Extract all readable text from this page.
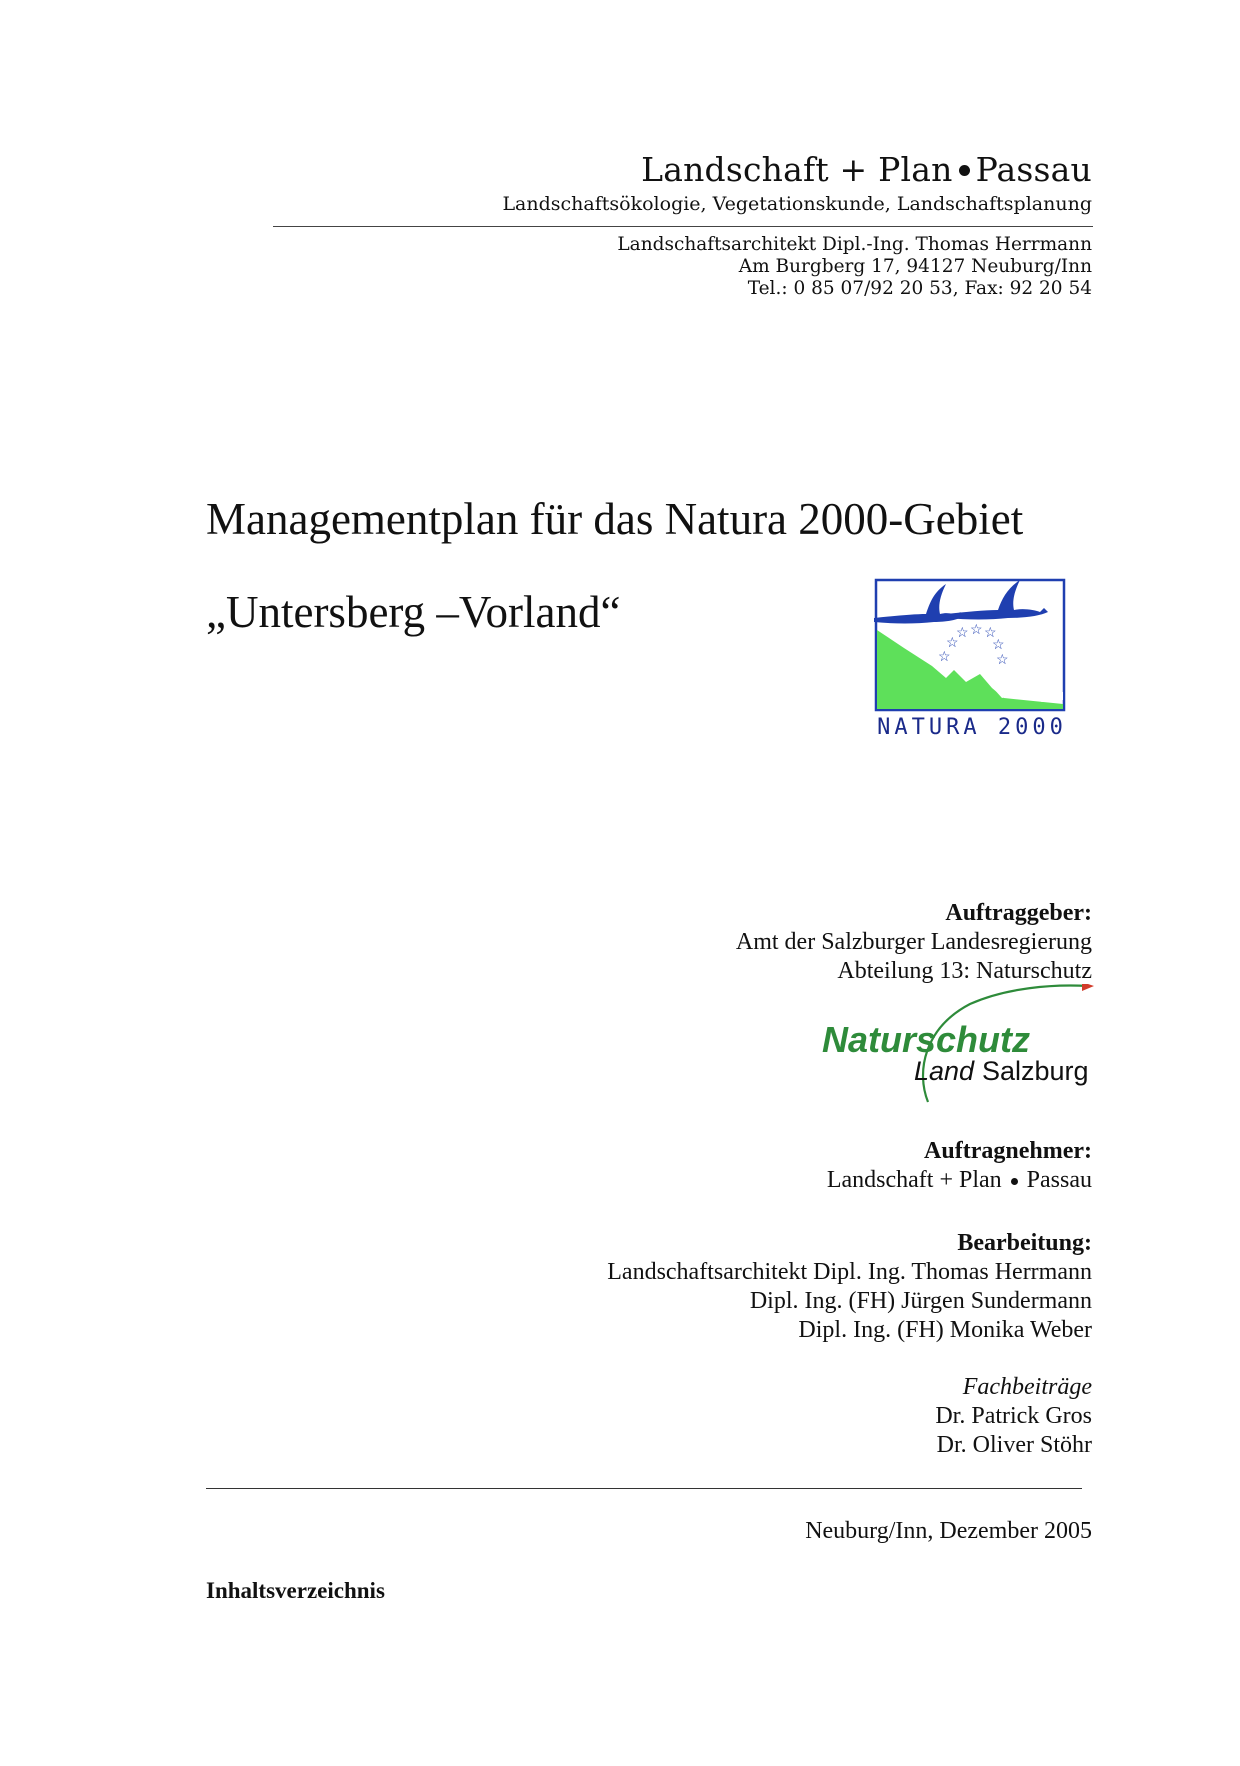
Landschaft + Plan Passau
Landschaftsökologie, Vegetationskunde, Landschaftsplanung
Landschaftsarchitekt Dipl.-Ing. Thomas Herrmann
Am Burgberg 17, 94127 Neuburg/Inn
Tel.: 0 85 07/92 20 53, Fax: 92 20 54
Managementplan für das Natura 2000-Gebiet
„Untersberg –Vorland“
☆
☆
☆ ☆ ☆
☆
☆
NATURA 2000
Auftraggeber:
Amt der Salzburger Landesregierung
Abteilung 13: Naturschutz
Naturschutz
Land Salzburg
Auftragnehmer:
Landschaft + Plan Passau
Bearbeitung:
Landschaftsarchitekt Dipl. Ing. Thomas Herrmann
Dipl. Ing. (FH) Jürgen Sundermann
Dipl. Ing. (FH) Monika Weber
Fachbeiträge
Dr. Patrick Gros
Dr. Oliver Stöhr
Neuburg/Inn, Dezember 2005
Inhaltsverzeichnis
